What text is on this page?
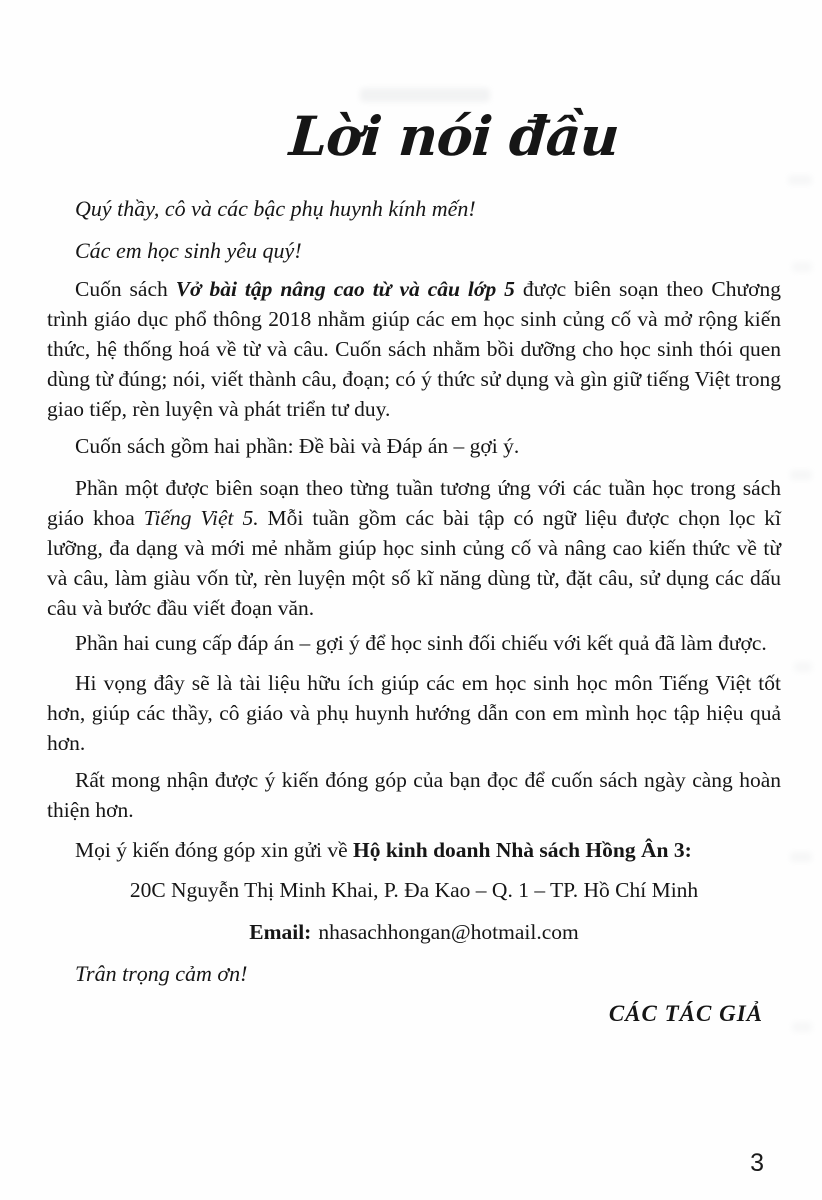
Lời nói đầu

Quý thầy, cô và các bậc phụ huynh kính mến!

Các em học sinh yêu quý!

Cuốn sách Vở bài tập nâng cao từ và câu lớp 5 được biên soạn theo Chương trình giáo dục phổ thông 2018 nhằm giúp các em học sinh củng cố và mở rộng kiến thức, hệ thống hoá về từ và câu. Cuốn sách nhằm bồi dưỡng cho học sinh thói quen dùng từ đúng; nói, viết thành câu, đoạn; có ý thức sử dụng và gìn giữ tiếng Việt trong giao tiếp, rèn luyện và phát triển tư duy.

Cuốn sách gồm hai phần: Đề bài và Đáp án – gợi ý.

Phần một được biên soạn theo từng tuần tương ứng với các tuần học trong sách giáo khoa Tiếng Việt 5. Mỗi tuần gồm các bài tập có ngữ liệu được chọn lọc kĩ lưỡng, đa dạng và mới mẻ nhằm giúp học sinh củng cố và nâng cao kiến thức về từ và câu, làm giàu vốn từ, rèn luyện một số kĩ năng dùng từ, đặt câu, sử dụng các dấu câu và bước đầu viết đoạn văn.

Phần hai cung cấp đáp án – gợi ý để học sinh đối chiếu với kết quả đã làm được.

Hi vọng đây sẽ là tài liệu hữu ích giúp các em học sinh học môn Tiếng Việt tốt hơn, giúp các thầy, cô giáo và phụ huynh hướng dẫn con em mình học tập hiệu quả hơn.

Rất mong nhận được ý kiến đóng góp của bạn đọc để cuốn sách ngày càng hoàn thiện hơn.

Mọi ý kiến đóng góp xin gửi về Hộ kinh doanh Nhà sách Hồng Ân 3:

20C Nguyễn Thị Minh Khai, P. Đa Kao – Q. 1 – TP. Hồ Chí Minh

Email: nhasachhongan@hotmail.com

Trân trọng cảm ơn!

CÁC TÁC GIẢ

3
